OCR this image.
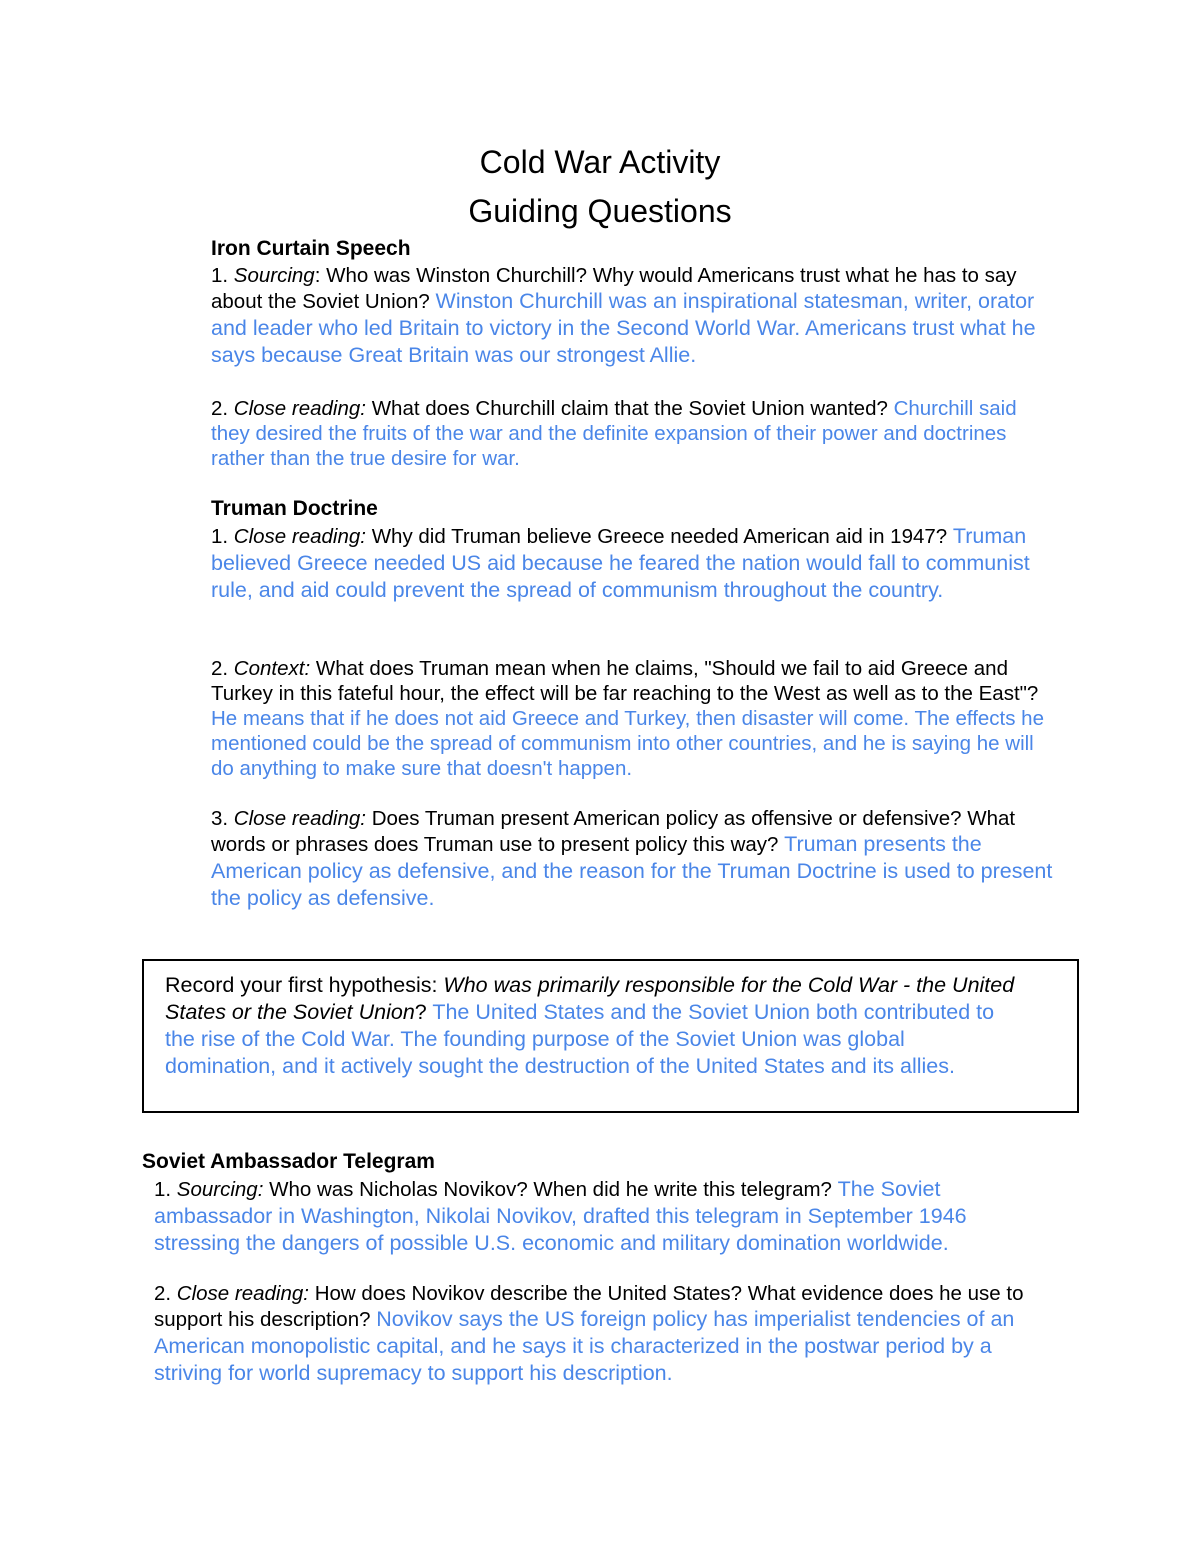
Cold War Activity
Guiding Questions
Iron Curtain Speech
1. Sourcing: Who was Winston Churchill? Why would Americans trust what he has to say about the Soviet Union? Winston Churchill was an inspirational statesman, writer, orator and leader who led Britain to victory in the Second World War. Americans trust what he says because Great Britain was our strongest Allie.
2. Close reading: What does Churchill claim that the Soviet Union wanted? Churchill said they desired the fruits of the war and the definite expansion of their power and doctrines rather than the true desire for war.
Truman Doctrine
1. Close reading: Why did Truman believe Greece needed American aid in 1947? Truman believed Greece needed US aid because he feared the nation would fall to communist rule, and aid could prevent the spread of communism throughout the country.
2. Context: What does Truman mean when he claims, "Should we fail to aid Greece and Turkey in this fateful hour, the effect will be far reaching to the West as well as to the East"? He means that if he does not aid Greece and Turkey, then disaster will come. The effects he mentioned could be the spread of communism into other countries, and he is saying he will do anything to make sure that doesn't happen.
3. Close reading: Does Truman present American policy as offensive or defensive? What words or phrases does Truman use to present policy this way? Truman presents the American policy as defensive, and the reason for the Truman Doctrine is used to present the policy as defensive.
Record your first hypothesis: Who was primarily responsible for the Cold War - the United States or the Soviet Union? The United States and the Soviet Union both contributed to the rise of the Cold War. The founding purpose of the Soviet Union was global domination, and it actively sought the destruction of the United States and its allies.
Soviet Ambassador Telegram
1. Sourcing: Who was Nicholas Novikov? When did he write this telegram? The Soviet ambassador in Washington, Nikolai Novikov, drafted this telegram in September 1946 stressing the dangers of possible U.S. economic and military domination worldwide.
2. Close reading: How does Novikov describe the United States? What evidence does he use to support his description? Novikov says the US foreign policy has imperialist tendencies of an American monopolistic capital, and he says it is characterized in the postwar period by a striving for world supremacy to support his description.
